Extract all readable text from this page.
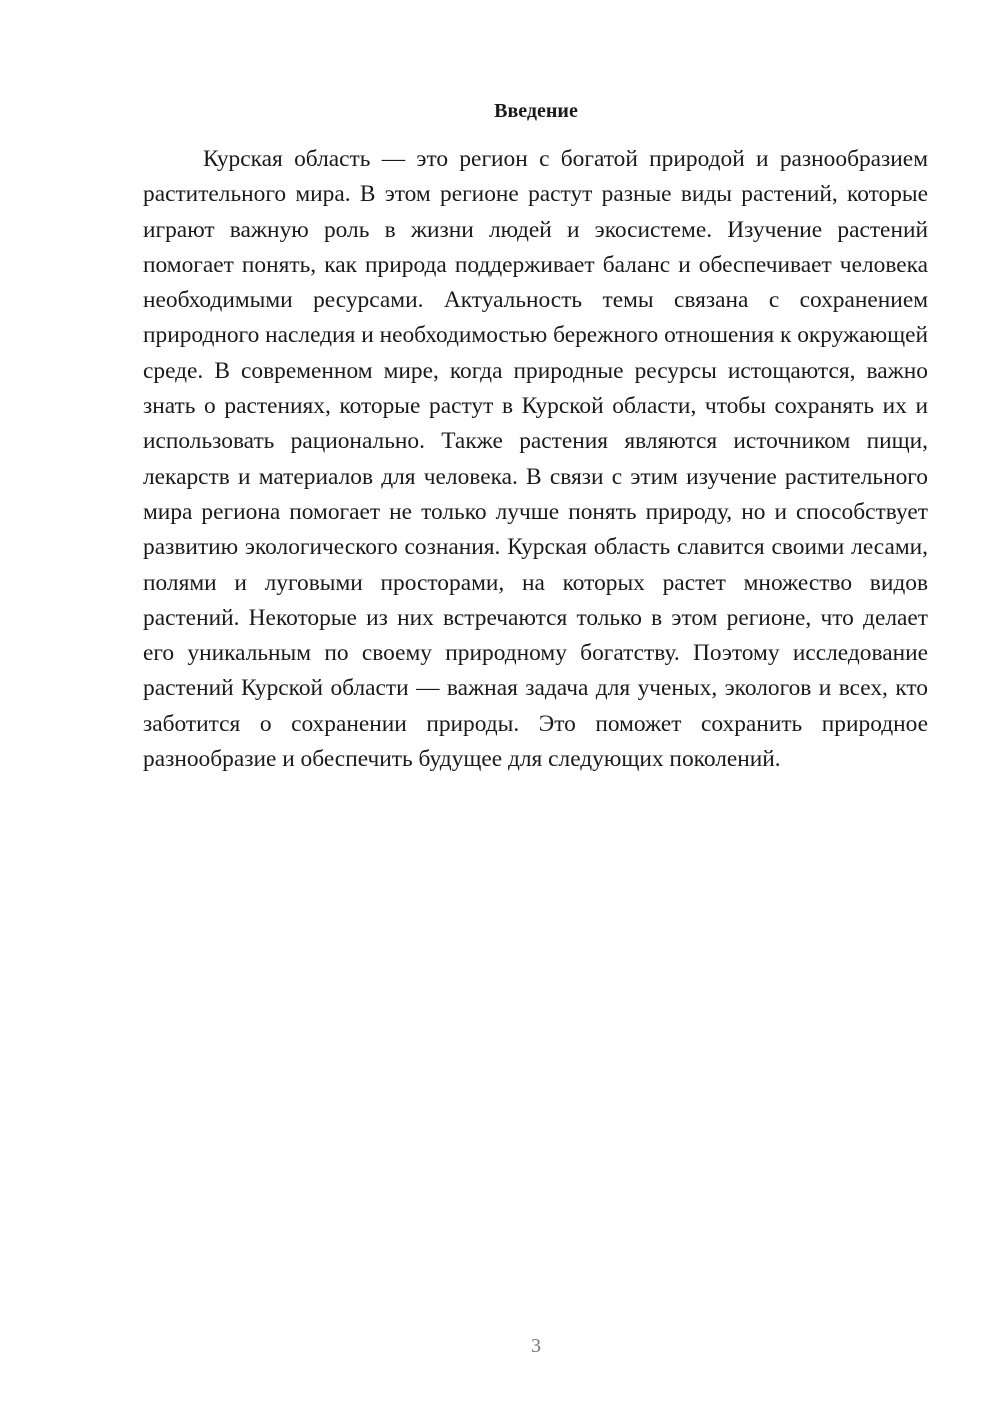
Введение

Курская область — это регион с богатой природой и разнообразием растительного мира. В этом регионе растут разные виды растений, которые играют важную роль в жизни людей и экосистеме. Изучение растений помогает понять, как природа поддерживает баланс и обеспечивает человека необходимыми ресурсами. Актуальность темы связана с сохранением природного наследия и необходимостью бережного отношения к окружающей среде. В современном мире, когда природные ресурсы истощаются, важно знать о растениях, которые растут в Курской области, чтобы сохранять их и использовать рационально. Также растения являются источником пищи, лекарств и материалов для человека. В связи с этим изучение растительного мира региона помогает не только лучше понять природу, но и способствует развитию экологического сознания. Курская область славится своими лесами, полями и луговыми просторами, на которых растет множество видов растений. Некоторые из них встречаются только в этом регионе, что делает его уникальным по своему природному богатству. Поэтому исследование растений Курской области — важная задача для ученых, экологов и всех, кто заботится о сохранении природы. Это поможет сохранить природное разнообразие и обеспечить будущее для следующих поколений.

3
